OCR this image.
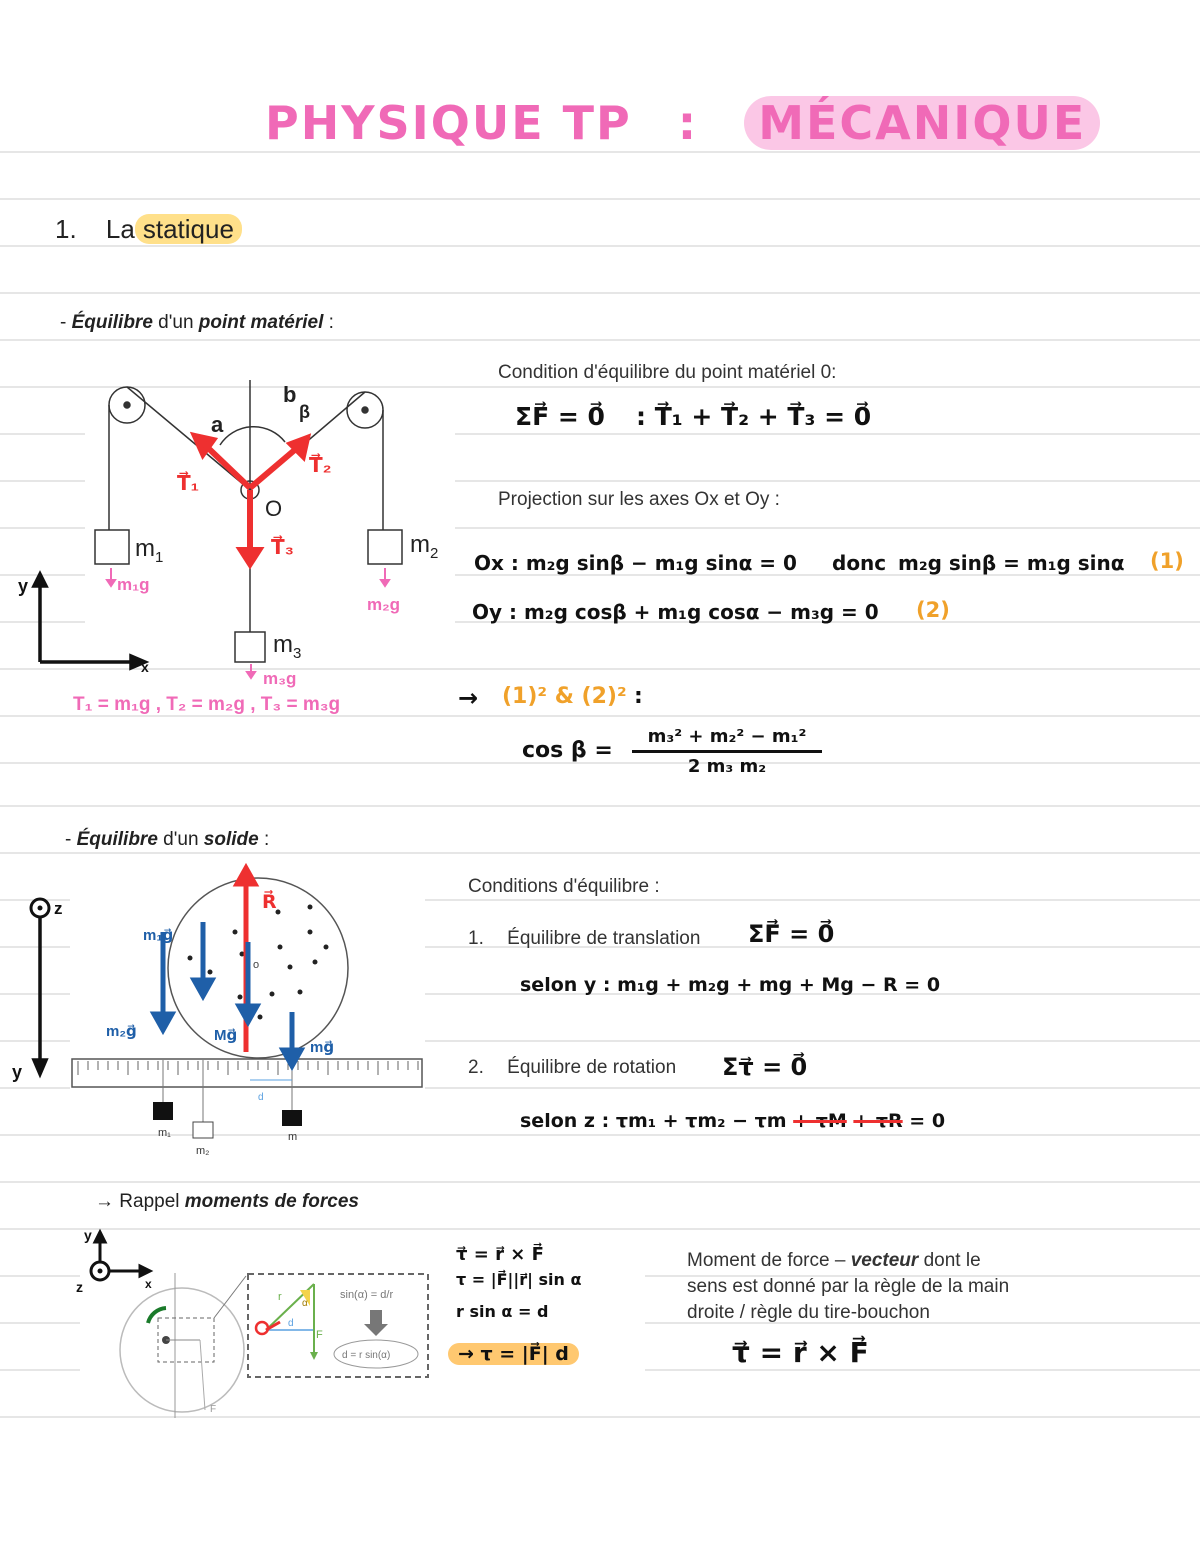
PHYSIQUE TP : MÉCANIQUE
1. La statique
- Équilibre d'un point matériel :
a
b
β
O
$m_1$	$m_2$
$m_3$
T⃗₁
T⃗₂
T⃗₃
m₁g
m₂g
m₃g
y
x
T₁ = m₁g , T₂ = m₂g , T₃ = m₃g
Condition d'équilibre du point matériel 0:
ΣF⃗ = 0⃗ : T⃗₁ + T⃗₂ + T⃗₃ = 0⃗
Projection sur les axes Ox et Oy :
Ox : m₂g sinβ − m₁g sinα = 0 donc m₂g sinβ = m₁g sinα (1)
Oy : m₂g cosβ + m₁g cosα − m₃g = 0 (2)
→ (1)² & (2)² :
$\cos \beta = \frac{\text{m₃² + m₂² − m₁²}}{\text{2 m₃ m₂}}$
- Équilibre d'un solide :
o
m₁
m₂
m
d
R⃗
m₁g⃗
m₂g⃗	Mg⃗
mg⃗
z
y
Conditions d'équilibre :
1. Équilibre de translation ΣF⃗ = 0⃗
selon y : m₁g + m₂g + mg + Mg − R = 0
2. Équilibre de rotation Στ⃗ = 0⃗
selon z : τm₁ + τm₂ − τm + τM + τR = 0
→ Rappel moments de forces
y
x
z
F
r
F
α
d
sin(α) = d/r
d = r sin(α)
τ⃗ = r⃗ × F⃗
τ = |F⃗||r⃗| sin α
r sin α = d
→ τ = |F⃗| d
Moment de force – vecteur dont le
sens est donné par la règle de la main
droite / règle du tire-bouchon
τ⃗ = r⃗ × F⃗
